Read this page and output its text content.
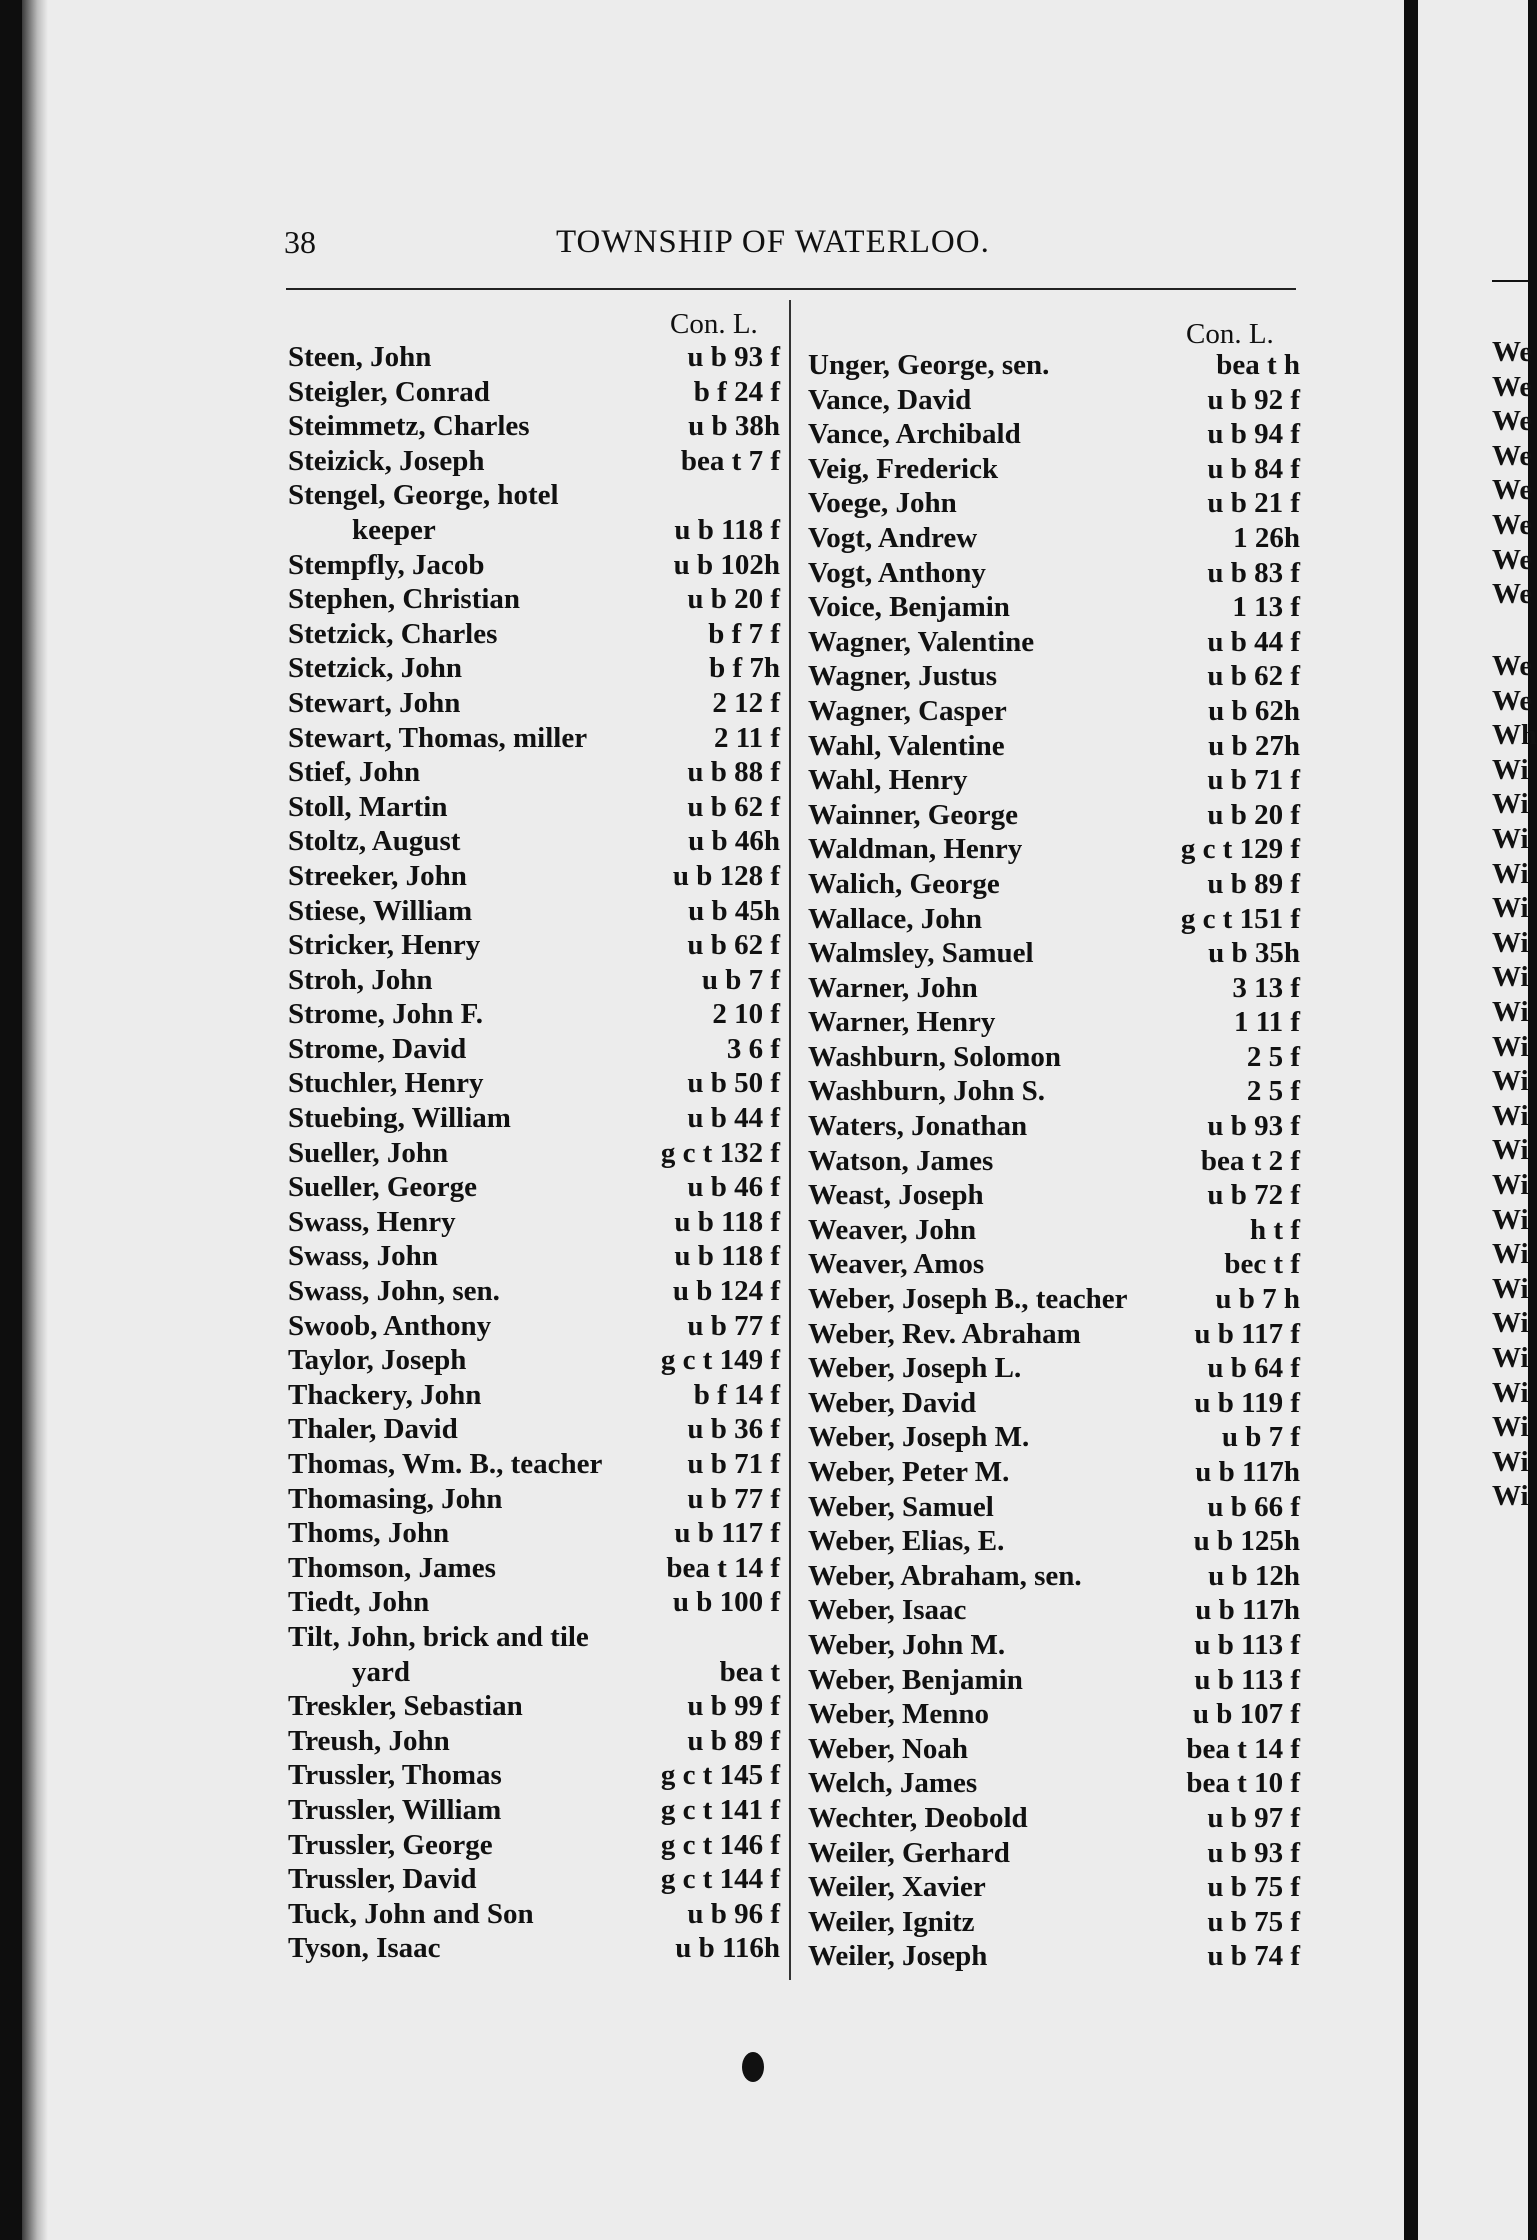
38	TOWNSHIP OF WATERLOO.
Con. L.	Con. L.
Steen, John	u b 93 f
Steigler, Conrad	b f 24 f
Steimmetz, Charles	u b 38h
Steizick, Joseph	bea t 7 f
Stengel, George, hotel
keeper	u b 118 f
Stempfly, Jacob	u b 102h
Stephen, Christian	u b 20 f
Stetzick, Charles	b f 7 f
Stetzick, John	b f 7h
Stewart, John	2 12 f
Stewart, Thomas, miller	2 11 f
Stief, John	u b 88 f
Stoll, Martin	u b 62 f
Stoltz, August	u b 46h
Streeker, John	u b 128 f
Stiese, William	u b 45h
Stricker, Henry	u b 62 f
Stroh, John	u b 7 f
Strome, John F.	2 10 f
Strome, David	3 6 f
Stuchler, Henry	u b 50 f
Stuebing, William	u b 44 f
Sueller, John	g c t 132 f
Sueller, George	u b 46 f
Swass, Henry	u b 118 f
Swass, John	u b 118 f
Swass, John, sen.	u b 124 f
Swoob, Anthony	u b 77 f
Taylor, Joseph	g c t 149 f
Thackery, John	b f 14 f
Thaler, David	u b 36 f
Thomas, Wm. B., teacher	u b 71 f
Thomasing, John	u b 77 f
Thoms, John	u b 117 f
Thomson, James	bea t 14 f
Tiedt, John	u b 100 f
Tilt, John, brick and tile
yard	bea t
Treskler, Sebastian	u b 99 f
Treush, John	u b 89 f
Trussler, Thomas	g c t 145 f
Trussler, William	g c t 141 f
Trussler, George	g c t 146 f
Trussler, David	g c t 144 f
Tuck, John and Son	u b 96 f
Tyson, Isaac	u b 116h
Unger, George, sen.	bea t h
Vance, David	u b 92 f
Vance, Archibald	u b 94 f
Veig, Frederick	u b 84 f
Voege, John	u b 21 f
Vogt, Andrew	1 26h
Vogt, Anthony	u b 83 f
Voice, Benjamin	1 13 f
Wagner, Valentine	u b 44 f
Wagner, Justus	u b 62 f
Wagner, Casper	u b 62h
Wahl, Valentine	u b 27h
Wahl, Henry	u b 71 f
Wainner, George	u b 20 f
Waldman, Henry	g c t 129 f
Walich, George	u b 89 f
Wallace, John	g c t 151 f
Walmsley, Samuel	u b 35h
Warner, John	3 13 f
Warner, Henry	1 11 f
Washburn, Solomon	2 5 f
Washburn, John S.	2 5 f
Waters, Jonathan	u b 93 f
Watson, James	bea t 2 f
Weast, Joseph	u b 72 f
Weaver, John	h t f
Weaver, Amos	bec t f
Weber, Joseph B., teacher	u b 7 h
Weber, Rev. Abraham	u b 117 f
Weber, Joseph L.	u b 64 f
Weber, David	u b 119 f
Weber, Joseph M.	u b 7 f
Weber, Peter M.	u b 117h
Weber, Samuel	u b 66 f
Weber, Elias, E.	u b 125h
Weber, Abraham, sen.	u b 12h
Weber, Isaac	u b 117h
Weber, John M.	u b 113 f
Weber, Benjamin	u b 113 f
Weber, Menno	u b 107 f
Weber, Noah	bea t 14 f
Welch, James	bea t 10 f
Wechter, Deobold	u b 97 f
Weiler, Gerhard	u b 93 f
Weiler, Xavier	u b 75 f
Weiler, Ignitz	u b 75 f
Weiler, Joseph	u b 74 f
We
We
We
We
We
We
We
We
We
We
Wh
Wi
Wi
Wi
Wi
Wi
Wi
Wi
Wi
Wi
Wi
Wi
Wi
Wi
Wi
Wi
Wi
Wi
Wi
Wi
Wi
Wi
Wi
